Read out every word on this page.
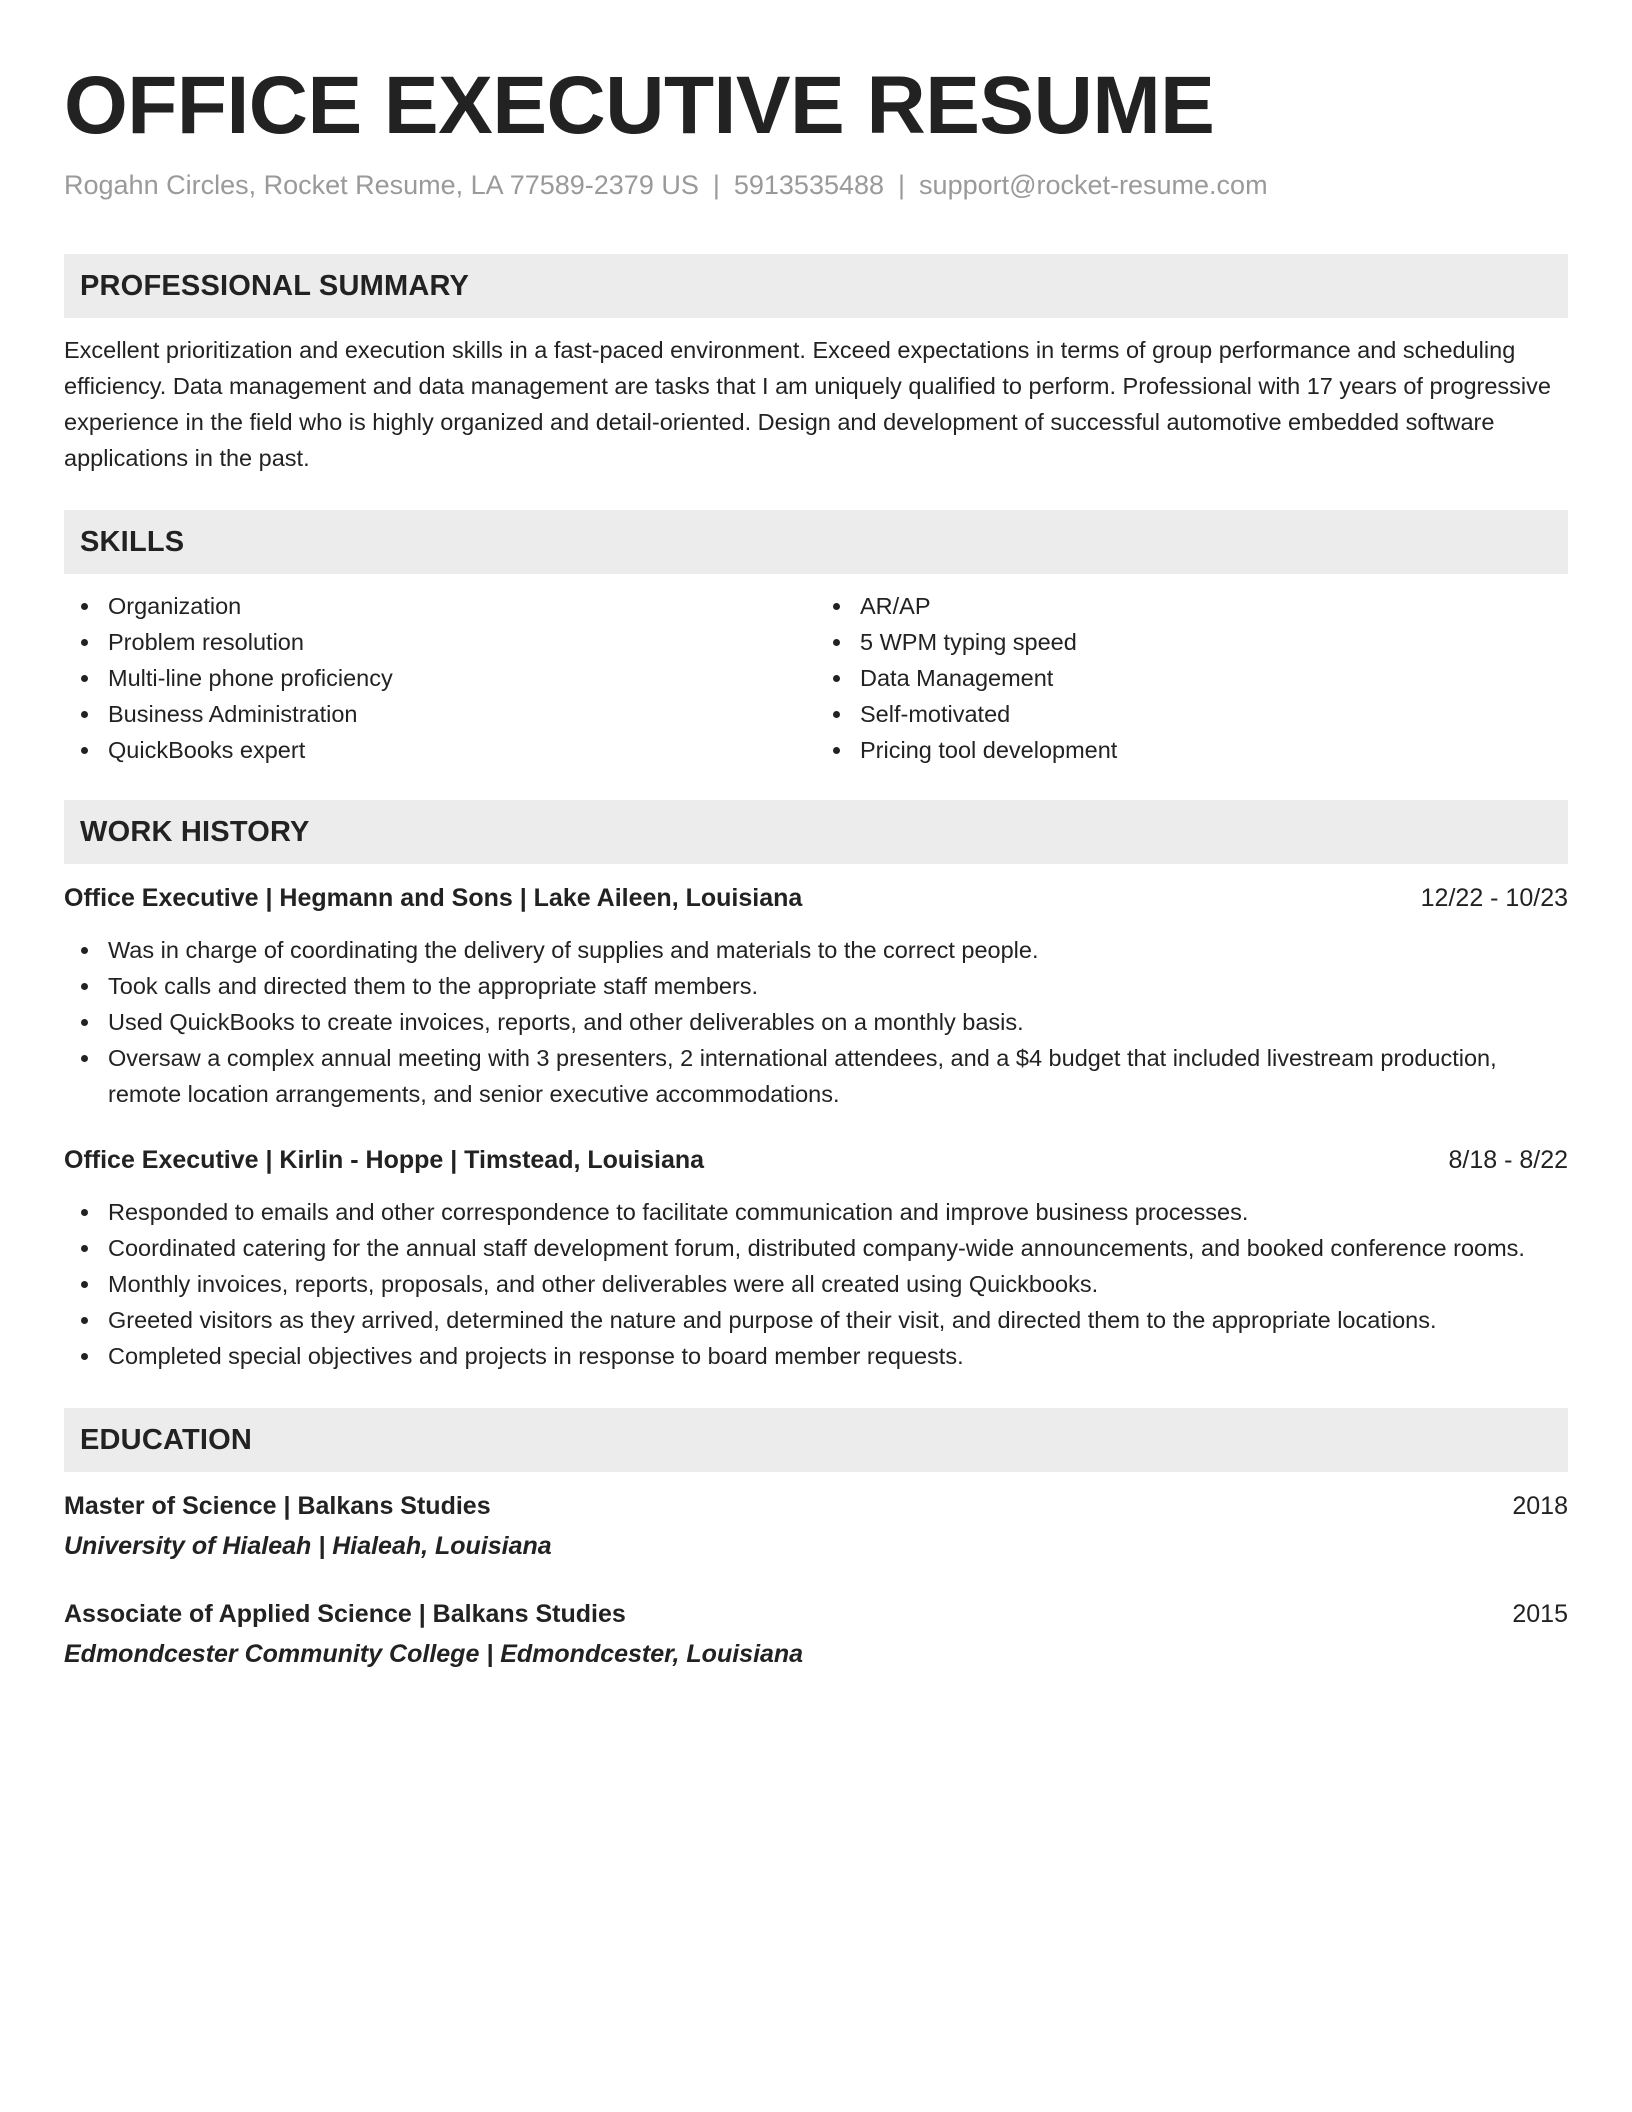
OFFICE EXECUTIVE RESUME
Rogahn Circles, Rocket Resume, LA 77589-2379 US | 5913535488 | support@rocket-resume.com
PROFESSIONAL SUMMARY
Excellent prioritization and execution skills in a fast-paced environment. Exceed expectations in terms of group performance and scheduling efficiency. Data management and data management are tasks that I am uniquely qualified to perform. Professional with 17 years of progressive experience in the field who is highly organized and detail-oriented. Design and development of successful automotive embedded software applications in the past.
SKILLS
Organization
Problem resolution
Multi-line phone proficiency
Business Administration
QuickBooks expert
AR/AP
5 WPM typing speed
Data Management
Self-motivated
Pricing tool development
WORK HISTORY
Office Executive | Hegmann and Sons | Lake Aileen, Louisiana	12/22 - 10/23
Was in charge of coordinating the delivery of supplies and materials to the correct people.
Took calls and directed them to the appropriate staff members.
Used QuickBooks to create invoices, reports, and other deliverables on a monthly basis.
Oversaw a complex annual meeting with 3 presenters, 2 international attendees, and a $4 budget that included livestream production, remote location arrangements, and senior executive accommodations.
Office Executive | Kirlin - Hoppe | Timstead, Louisiana	8/18 - 8/22
Responded to emails and other correspondence to facilitate communication and improve business processes.
Coordinated catering for the annual staff development forum, distributed company-wide announcements, and booked conference rooms.
Monthly invoices, reports, proposals, and other deliverables were all created using Quickbooks.
Greeted visitors as they arrived, determined the nature and purpose of their visit, and directed them to the appropriate locations.
Completed special objectives and projects in response to board member requests.
EDUCATION
Master of Science | Balkans Studies	2018
University of Hialeah | Hialeah, Louisiana
Associate of Applied Science | Balkans Studies	2015
Edmondcester Community College | Edmondcester, Louisiana
